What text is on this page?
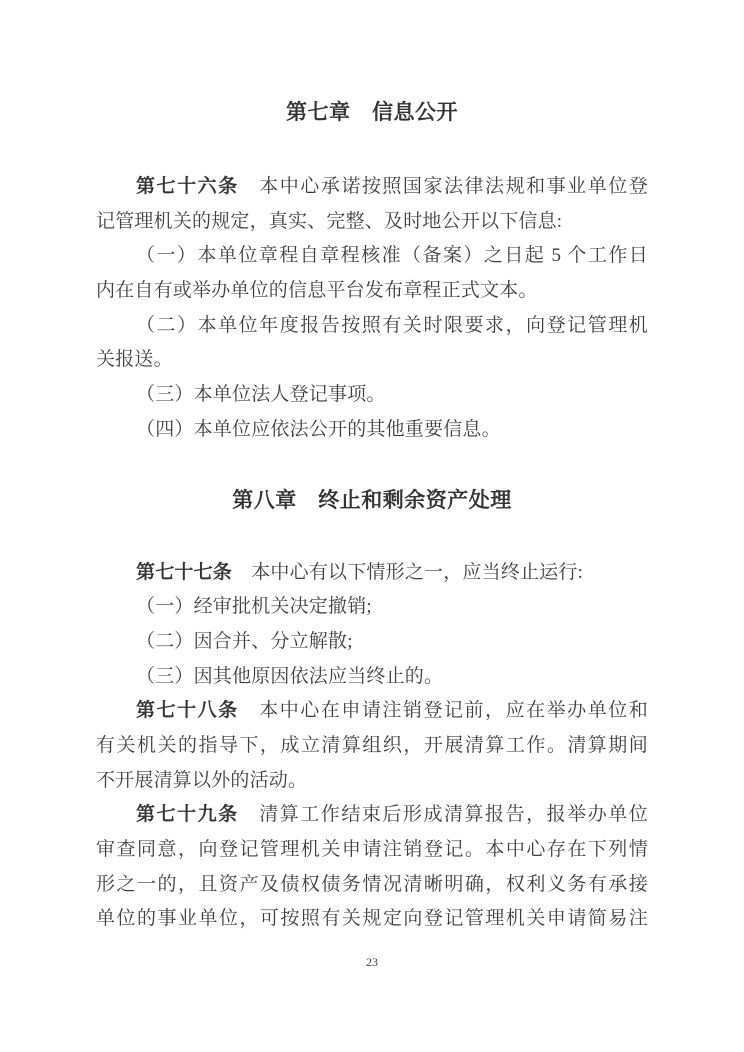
第七章　信息公开
第七十六条　本中心承诺按照国家法律法规和事业单位登
记管理机关的规定，真实、完整、及时地公开以下信息:
（一）本单位章程自章程核准（备案）之日起 5 个工作日
内在自有或举办单位的信息平台发布章程正式文本。
（二）本单位年度报告按照有关时限要求，向登记管理机
关报送。
（三）本单位法人登记事项。
（四）本单位应依法公开的其他重要信息。
第八章　终止和剩余资产处理
第七十七条　本中心有以下情形之一，应当终止运行:
（一）经审批机关决定撤销;
（二）因合并、分立解散;
（三）因其他原因依法应当终止的。
第七十八条　本中心在申请注销登记前，应在举办单位和
有关机关的指导下，成立清算组织，开展清算工作。清算期间
不开展清算以外的活动。
第七十九条　清算工作结束后形成清算报告，报举办单位
审查同意，向登记管理机关申请注销登记。本中心存在下列情
形之一的，且资产及债权债务情况清晰明确，权利义务有承接
单位的事业单位，可按照有关规定向登记管理机关申请简易注
23
